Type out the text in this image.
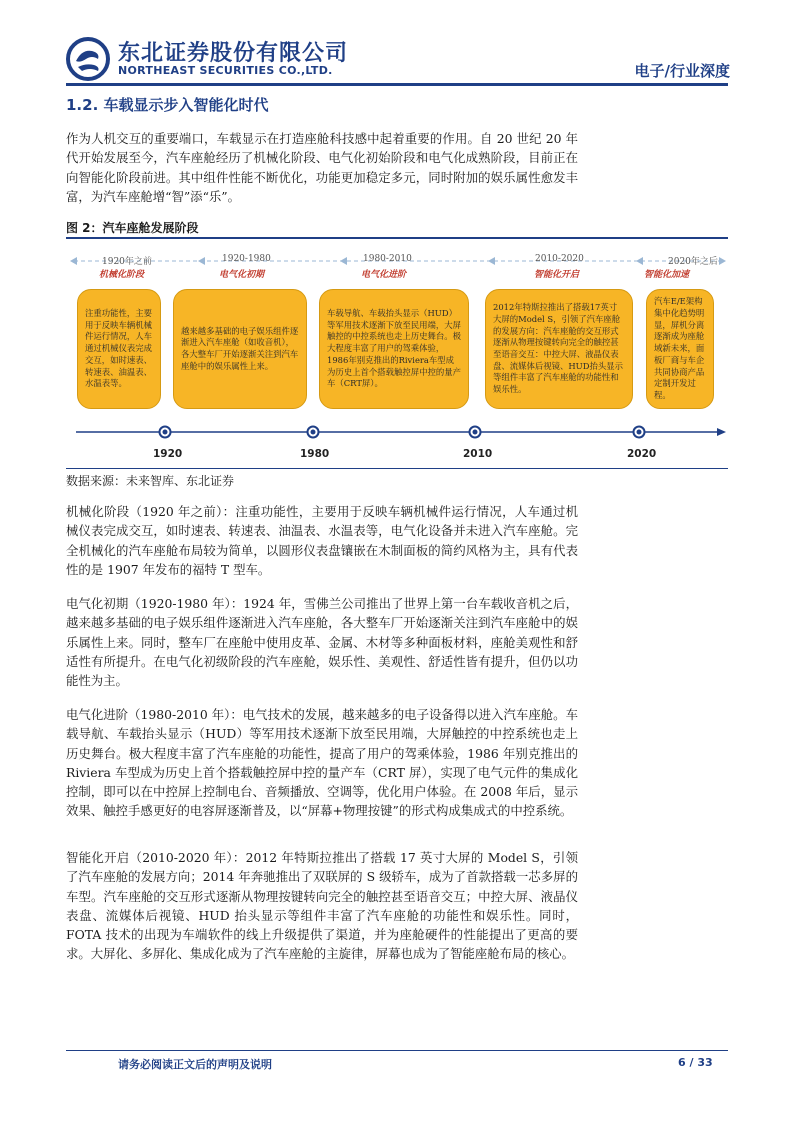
东北证券股份有限公司
NORTHEAST SECURITIES CO.,LTD.	电子/行业深度
1.2. 车载显示步入智能化时代
作为人机交互的重要端口，车载显示在打造座舱科技感中起着重要的作用。自 20 世纪 20 年代开始发展至今，汽车座舱经历了机械化阶段、电气化初始阶段和电气化成熟阶段，目前正在向智能化阶段前进。其中组件性能不断优化，功能更加稳定多元，同时附加的娱乐属性愈发丰富，为汽车座舱增“智”添“乐”。
图 2：汽车座舱发展阶段
1920年之前
机械化阶段
1920-1980
电气化初期
1980-2010
电气化进阶
2010-2020
智能化开启
2020年之后
智能化加速
注重功能性，主要用于反映车辆机械件运行情况，人车通过机械仪表完成交互，如时速表、转速表、油温表、水温表等。
越来越多基础的电子娱乐组件逐渐进入汽车座舱（如收音机），各大整车厂开始逐渐关注到汽车座舱中的娱乐属性上来。
车载导航、车载抬头显示（HUD）等军用技术逐渐下放至民用端，大屏触控的中控系统也走上历史舞台。极大程度丰富了用户的驾乘体验，1986年别克推出的Riviera车型成为历史上首个搭载触控屏中控的量产车（CRT屏）。
2012年特斯拉推出了搭载17英寸大屏的Model S，引领了汽车座舱的发展方向：汽车座舱的交互形式逐渐从物理按键转向完全的触控甚至语音交互：中控大屏、液晶仪表盘、流媒体后视镜、HUD抬头显示等组件丰富了汽车座舱的功能性和娱乐性。
汽车E/E架构集中化趋势明显，屏机分离逐渐成为座舱域新未来，面板厂商与车企共同协商产品定制开发过程。
1920	1980	2010	2020
数据来源：未来智库、东北证券
机械化阶段（1920 年之前）：注重功能性，主要用于反映车辆机械件运行情况，人车通过机械仪表完成交互，如时速表、转速表、油温表、水温表等，电气化设备并未进入汽车座舱。完全机械化的汽车座舱布局较为简单，以圆形仪表盘镶嵌在木制面板的简约风格为主，具有代表性的是 1907 年发布的福特 T 型车。
电气化初期（1920-1980 年）：1924 年，雪佛兰公司推出了世界上第一台车载收音机之后，越来越多基础的电子娱乐组件逐渐进入汽车座舱，各大整车厂开始逐渐关注到汽车座舱中的娱乐属性上来。同时，整车厂在座舱中使用皮革、金属、木材等多种面板材料，座舱美观性和舒适性有所提升。在电气化初级阶段的汽车座舱，娱乐性、美观性、舒适性皆有提升，但仍以功能性为主。
电气化进阶（1980-2010 年）：电气技术的发展，越来越多的电子设备得以进入汽车座舱。车载导航、车载抬头显示（HUD）等军用技术逐渐下放至民用端，大屏触控的中控系统也走上历史舞台。极大程度丰富了汽车座舱的功能性，提高了用户的驾乘体验，1986 年别克推出的 Riviera 车型成为历史上首个搭载触控屏中控的量产车（CRT 屏），实现了电气元件的集成化控制，即可以在中控屏上控制电台、音频播放、空调等，优化用户体验。在 2008 年后，显示效果、触控手感更好的电容屏逐渐普及，以“屏幕+物理按键”的形式构成集成式的中控系统。
智能化开启（2010-2020 年）：2012 年特斯拉推出了搭载 17 英寸大屏的 Model S，引领了汽车座舱的发展方向；2014 年奔驰推出了双联屏的 S 级轿车，成为了首款搭载一芯多屏的车型。汽车座舱的交互形式逐渐从物理按键转向完全的触控甚至语音交互；中控大屏、液晶仪表盘、流媒体后视镜、HUD 抬头显示等组件丰富了汽车座舱的功能性和娱乐性。同时，FOTA 技术的出现为车端软件的线上升级提供了渠道，并为座舱硬件的性能提出了更高的要求。大屏化、多屏化、集成化成为了汽车座舱的主旋律，屏幕也成为了智能座舱布局的核心。
请务必阅读正文后的声明及说明	6 / 33
